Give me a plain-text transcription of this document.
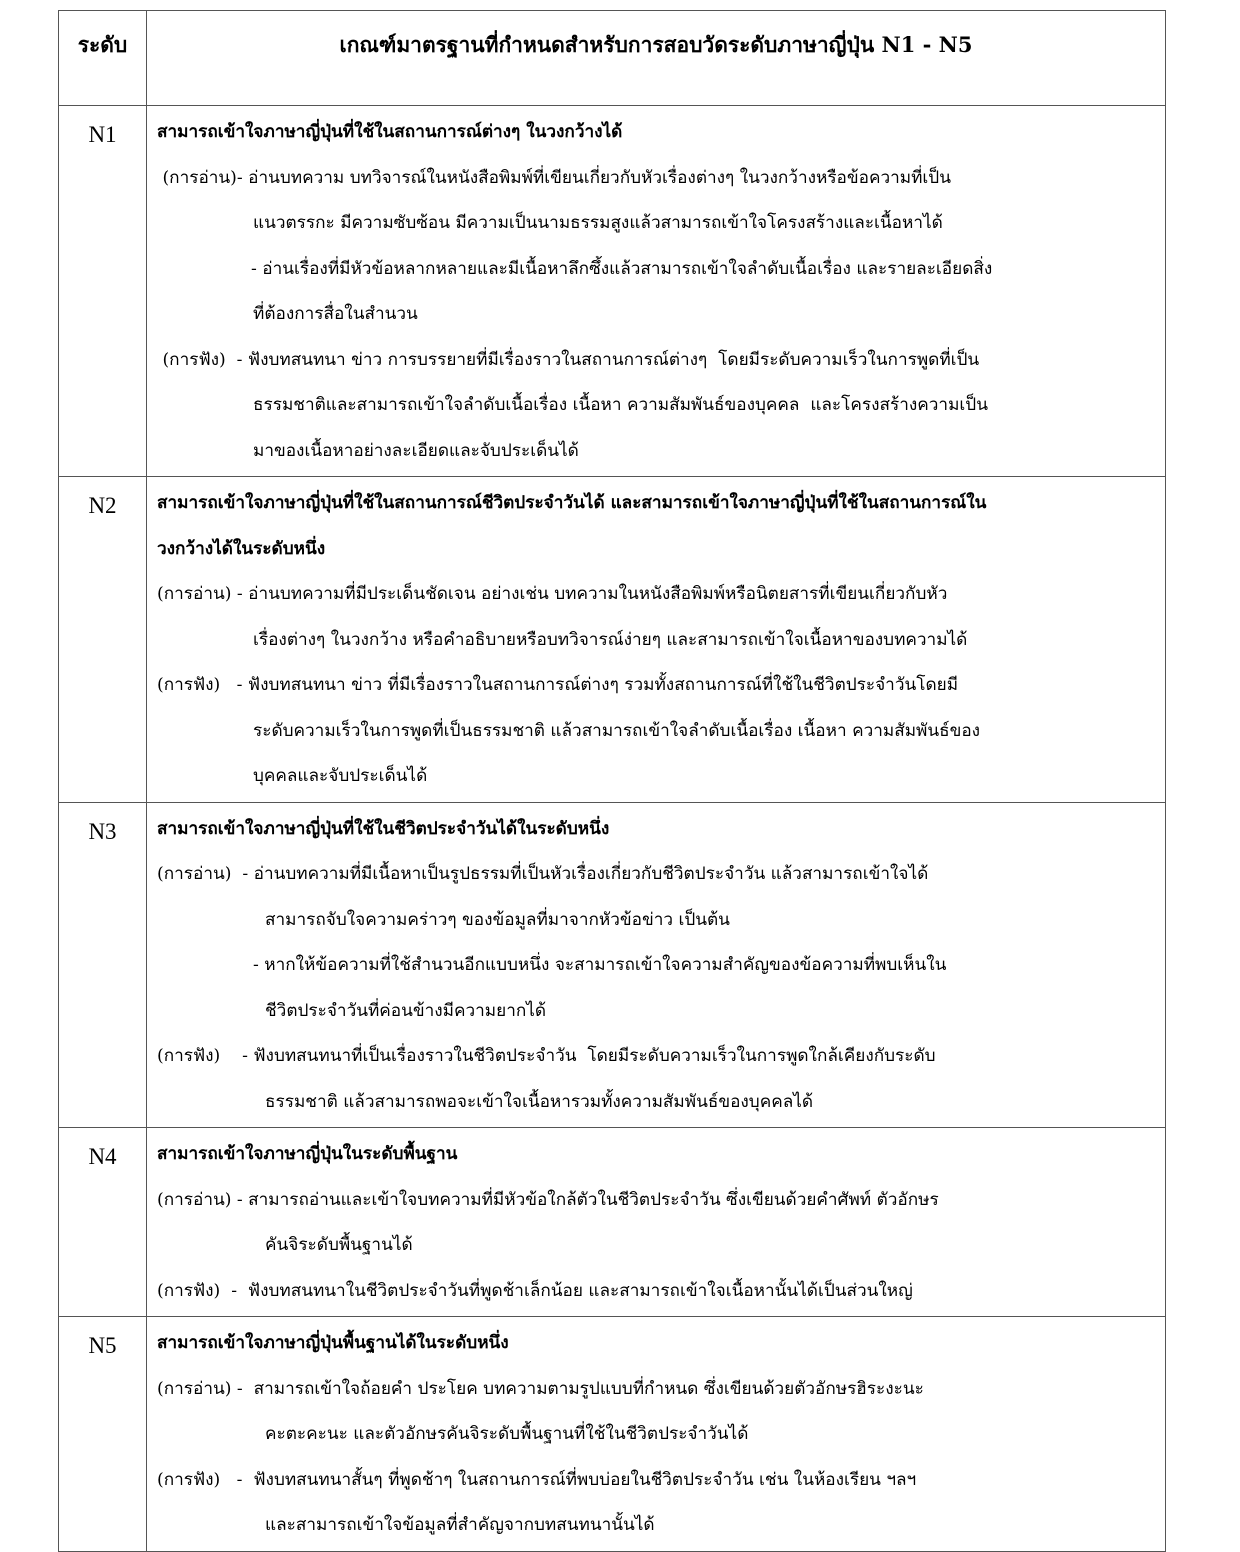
ระดับ	เกณฑ์มาตรฐานที่กำหนดสำหรับการสอบวัดระดับภาษาญี่ปุ่น N1 - N5
N1	สามารถเข้าใจภาษาญี่ปุ่นที่ใช้ในสถานการณ์ต่างๆ ในวงกว้างได้
(การอ่าน)- อ่านบทความ บทวิจารณ์ในหนังสือพิมพ์ที่เขียนเกี่ยวกับหัวเรื่องต่างๆ ในวงกว้างหรือข้อความที่เป็น
แนวตรรกะ มีความซับซ้อน มีความเป็นนามธรรมสูงแล้วสามารถเข้าใจโครงสร้างและเนื้อหาได้
- อ่านเรื่องที่มีหัวข้อหลากหลายและมีเนื้อหาลึกซึ้งแล้วสามารถเข้าใจลำดับเนื้อเรื่อง และรายละเอียดสิ่ง
ที่ต้องการสื่อในสำนวน
(การฟัง)  - ฟังบทสนทนา ข่าว การบรรยายที่มีเรื่องราวในสถานการณ์ต่างๆ  โดยมีระดับความเร็วในการพูดที่เป็น
ธรรมชาติและสามารถเข้าใจลำดับเนื้อเรื่อง เนื้อหา ความสัมพันธ์ของบุคคล  และโครงสร้างความเป็น
มาของเนื้อหาอย่างละเอียดและจับประเด็นได้

N2	สามารถเข้าใจภาษาญี่ปุ่นที่ใช้ในสถานการณ์ชีวิตประจำวันได้ และสามารถเข้าใจภาษาญี่ปุ่นที่ใช้ในสถานการณ์ใน
วงกว้างได้ในระดับหนึ่ง
(การอ่าน) - อ่านบทความที่มีประเด็นชัดเจน อย่างเช่น บทความในหนังสือพิมพ์หรือนิตยสารที่เขียนเกี่ยวกับหัว
เรื่องต่างๆ ในวงกว้าง หรือคำอธิบายหรือบทวิจารณ์ง่ายๆ และสามารถเข้าใจเนื้อหาของบทความได้
(การฟัง)   - ฟังบทสนทนา ข่าว ที่มีเรื่องราวในสถานการณ์ต่างๆ รวมทั้งสถานการณ์ที่ใช้ในชีวิตประจำวันโดยมี
ระดับความเร็วในการพูดที่เป็นธรรมชาติ แล้วสามารถเข้าใจลำดับเนื้อเรื่อง เนื้อหา ความสัมพันธ์ของ
บุคคลและจับประเด็นได้

N3	สามารถเข้าใจภาษาญี่ปุ่นที่ใช้ในชีวิตประจำวันได้ในระดับหนึ่ง
(การอ่าน)  - อ่านบทความที่มีเนื้อหาเป็นรูปธรรมที่เป็นหัวเรื่องเกี่ยวกับชีวิตประจำวัน แล้วสามารถเข้าใจได้
สามารถจับใจความคร่าวๆ ของข้อมูลที่มาจากหัวข้อข่าว เป็นต้น
- หากให้ข้อความที่ใช้สำนวนอีกแบบหนึ่ง จะสามารถเข้าใจความสำคัญของข้อความที่พบเห็นใน
ชีวิตประจำวันที่ค่อนข้างมีความยากได้
(การฟัง)    - ฟังบทสนทนาที่เป็นเรื่องราวในชีวิตประจำวัน  โดยมีระดับความเร็วในการพูดใกล้เคียงกับระดับ
ธรรมชาติ แล้วสามารถพอจะเข้าใจเนื้อหารวมทั้งความสัมพันธ์ของบุคคลได้

N4	สามารถเข้าใจภาษาญี่ปุ่นในระดับพื้นฐาน
(การอ่าน) - สามารถอ่านและเข้าใจบทความที่มีหัวข้อใกล้ตัวในชีวิตประจำวัน ซึ่งเขียนด้วยคำศัพท์ ตัวอักษร
คันจิระดับพื้นฐานได้
(การฟัง)  -  ฟังบทสนทนาในชีวิตประจำวันที่พูดช้าเล็กน้อย และสามารถเข้าใจเนื้อหานั้นได้เป็นส่วนใหญ่

N5	สามารถเข้าใจภาษาญี่ปุ่นพื้นฐานได้ในระดับหนึ่ง
(การอ่าน) -  สามารถเข้าใจถ้อยคำ ประโยค บทความตามรูปแบบที่กำหนด ซึ่งเขียนด้วยตัวอักษรฮิระงะนะ
คะตะคะนะ และตัวอักษรคันจิระดับพื้นฐานที่ใช้ในชีวิตประจำวันได้
(การฟัง)   -  ฟังบทสนทนาสั้นๆ ที่พูดช้าๆ ในสถานการณ์ที่พบบ่อยในชีวิตประจำวัน เช่น ในห้องเรียน ฯลฯ
และสามารถเข้าใจข้อมูลที่สำคัญจากบทสนทนานั้นได้
